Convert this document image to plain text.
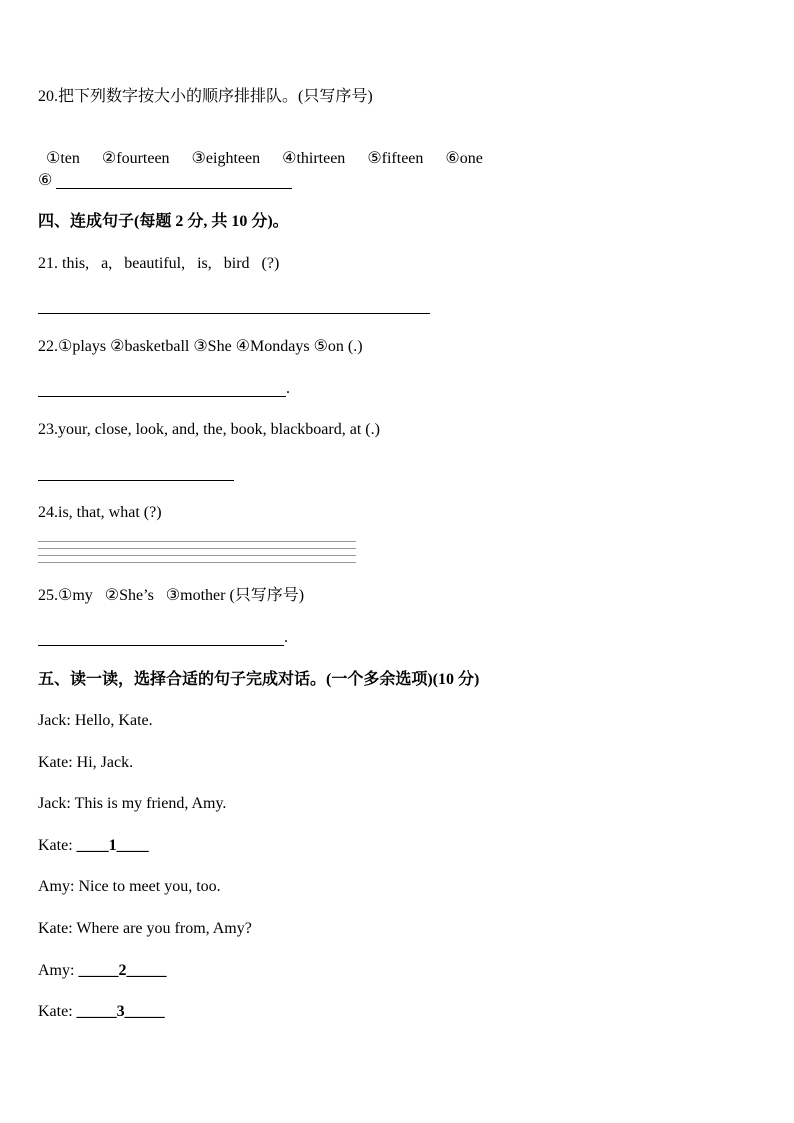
20.把下列数字按大小的顺序排排队。(只写序号)

①ten ②fourteen ③eighteen ④thirteen ⑤fifteen ⑥one

⑥
四、连成句子(每题 2 分, 共 10 分)。
21. this,   a,   beautiful,   is,   bird   (?)
22.①plays ②basketball ③She ④Mondays ⑤on (.)
.
23.your, close, look, and, the, book, blackboard, at (.)
24.is, that, what (?)
25.①my   ②She’s   ③mother (只写序号)
.
五、读一读，选择合适的句子完成对话。(一个多余选项)(10 分)
Jack: Hello, Kate.
Kate: Hi, Jack.
Jack: This is my friend, Amy.
Kate: ____1____
Amy: Nice to meet you, too.
Kate: Where are you from, Amy?
Amy: _____2_____
Kate: _____3_____
